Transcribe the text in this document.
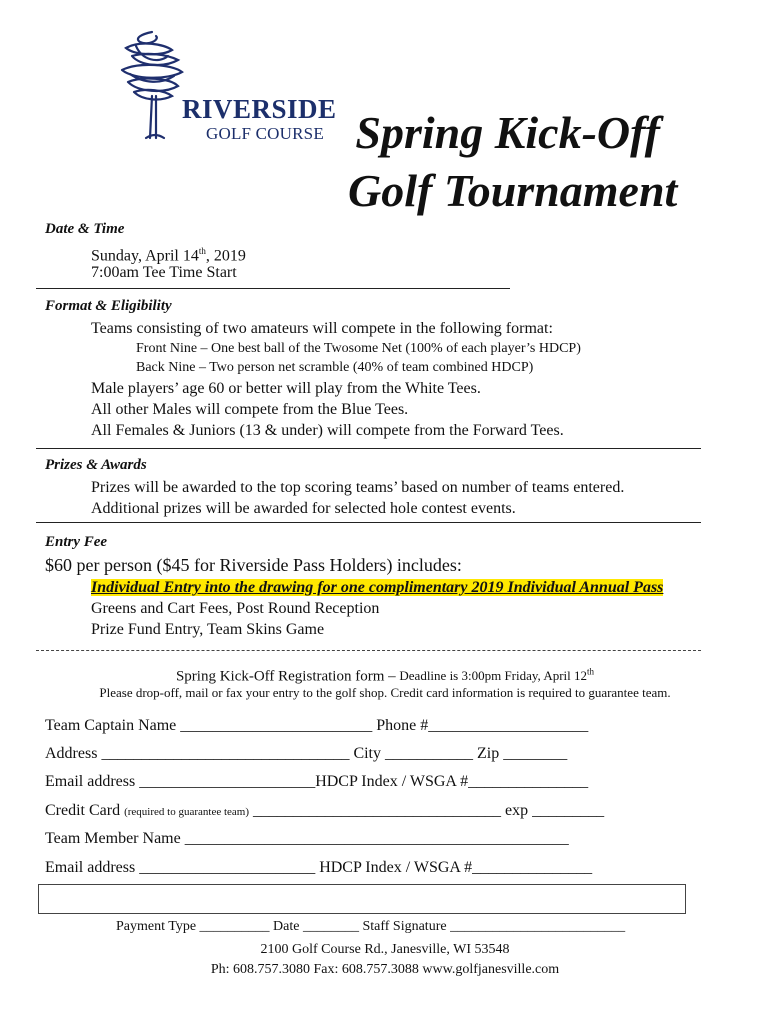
RIVERSIDE
GOLF COURSE Spring Kick-Off
Golf Tournament
Date & Time
Sunday, April 14th, 2019
7:00am Tee Time Start
Format & Eligibility
Teams consisting of two amateurs will compete in the following format:
Front Nine – One best ball of the Twosome Net (100% of each player’s HDCP)
Back Nine – Two person net scramble (40% of team combined HDCP)
Male players’ age 60 or better will play from the White Tees.
All other Males will compete from the Blue Tees.
All Females & Juniors (13 & under) will compete from the Forward Tees.
Prizes & Awards
Prizes will be awarded to the top scoring teams’ based on number of teams entered.
Additional prizes will be awarded for selected hole contest events.
Entry Fee
$60 per person ($45 for Riverside Pass Holders) includes:
Individual Entry into the drawing for one complimentary 2019 Individual Annual Pass
Greens and Cart Fees, Post Round Reception
Prize Fund Entry, Team Skins Game
Spring Kick-Off Registration form – Deadline is 3:00pm Friday, April 12th
Please drop-off, mail or fax your entry to the golf shop. Credit card information is required to guarantee team.
Team Captain Name ________________________ Phone #____________________
Address _______________________________ City ___________ Zip ________
Email address ______________________HDCP Index / WSGA #_______________
Credit Card (required to guarantee team) _______________________________ exp _________
Team Member Name ________________________________________________
Email address ______________________ HDCP Index / WSGA #_______________

Payment Type __________ Date ________ Staff Signature _________________________

2100 Golf Course Rd., Janesville, WI 53548
Ph: 608.757.3080 Fax: 608.757.3088 www.golfjanesville.com
